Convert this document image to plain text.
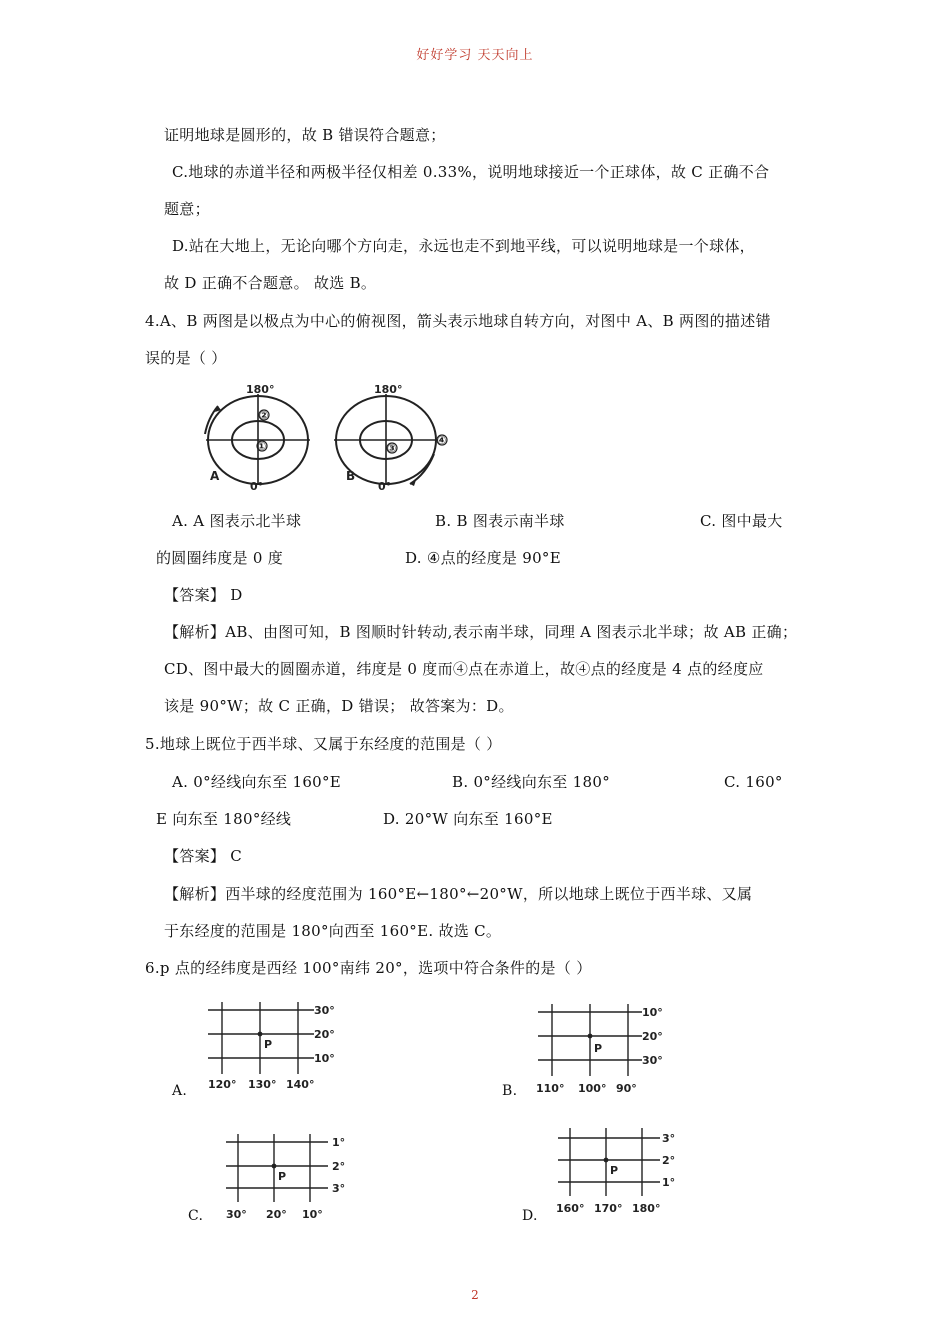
好好学习 天天向上
证明地球是圆形的，故 B 错误符合题意；
C.地球的赤道半径和两极半径仅相差 0.33%，说明地球接近一个正球体，故 C 正确不合
题意；
D.站在大地上，无论向哪个方向走，永远也走不到地平线，可以说明地球是一个球体，
故 D 正确不合题意。 故选 B。
4.A、B 两图是以极点为中心的俯视图，箭头表示地球自转方向，对图中 A、B 两图的描述错
误的是（ ）
180°
0°
A
①
②
180°
0°
B
③
④
A. A 图表示北半球	B. B 图表示南半球	C. 图中最大
的圆圈纬度是 0 度	D. ④点的经度是 90°E
【答案】 D
【解析】AB、由图可知，B 图顺时针转动,表示南半球，同理 A 图表示北半球；故 AB 正确；
CD、图中最大的圆圈赤道，纬度是 0 度而④点在赤道上，故④点的经度是 4 点的经度应
该是 90°W；故 C 正确，D 错误； 故答案为：D。
5.地球上既位于西半球、又属于东经度的范围是（ ）
A. 0°经线向东至 160°E	B. 0°经线向东至 180°	C. 160°
E 向东至 180°经线	D. 20°W 向东至 160°E
【答案】 C
【解析】西半球的经度范围为 160°E←180°←20°W，所以地球上既位于西半球、又属
于东经度的范围是 180°向西至 160°E. 故选 C。
6.p 点的经纬度是西经 100°南纬 20°，选项中符合条件的是（ ）
A.
P
30°
20°
10°
120° 130° 140°	B.
P
10°
20°
30°
110° 100° 90°
C.
P
1°
2°
3°
30° 20° 10°	D.
P
3°
2°
1°
160° 170° 180°
2
